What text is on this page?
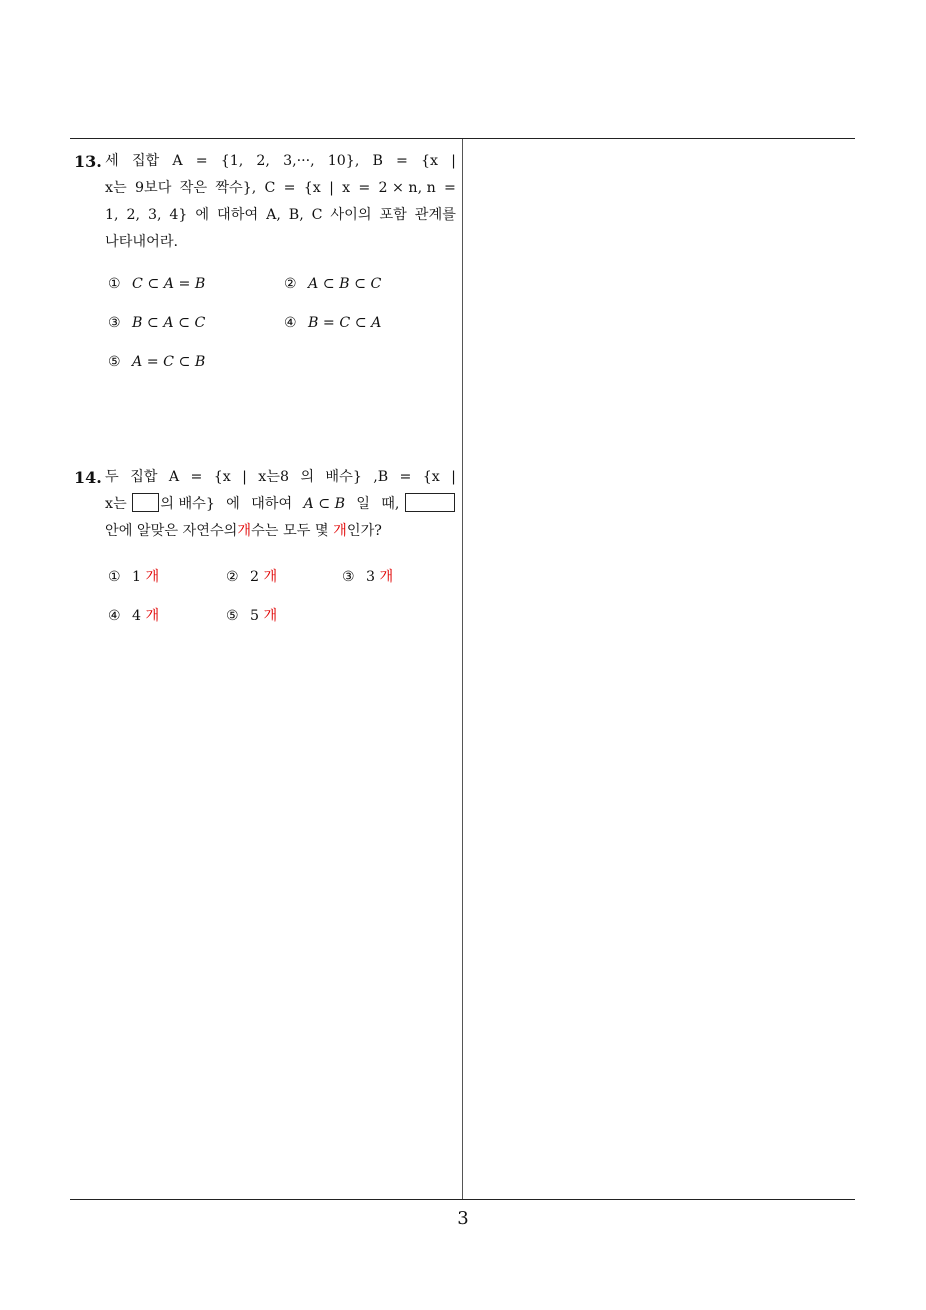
3
13. 세 집합 A = {1, 2, 3,···, 10}, B = {x |
x는 9보다 작은 짝수}, C = {x | x = 2 × n, n =
1, 2, 3, 4} 에 대하여 A, B, C 사이의 포함 관계를
나타내어라.
① C ⊂ A = B	② A ⊂ B ⊂ C
③ B ⊂ A ⊂ C	④ B = C ⊂ A
⑤ A = C ⊂ B
14. 두 집합 A = {x | x는8 의 배수} ,B = {x |
x는 의 배수} 에 대하여 A ⊂ B 일 때,
안에 알맞은 자연수의개수는 모두 몇 개인가?
① 1 개	② 2 개	③ 3 개
④ 4 개	⑤ 5 개
